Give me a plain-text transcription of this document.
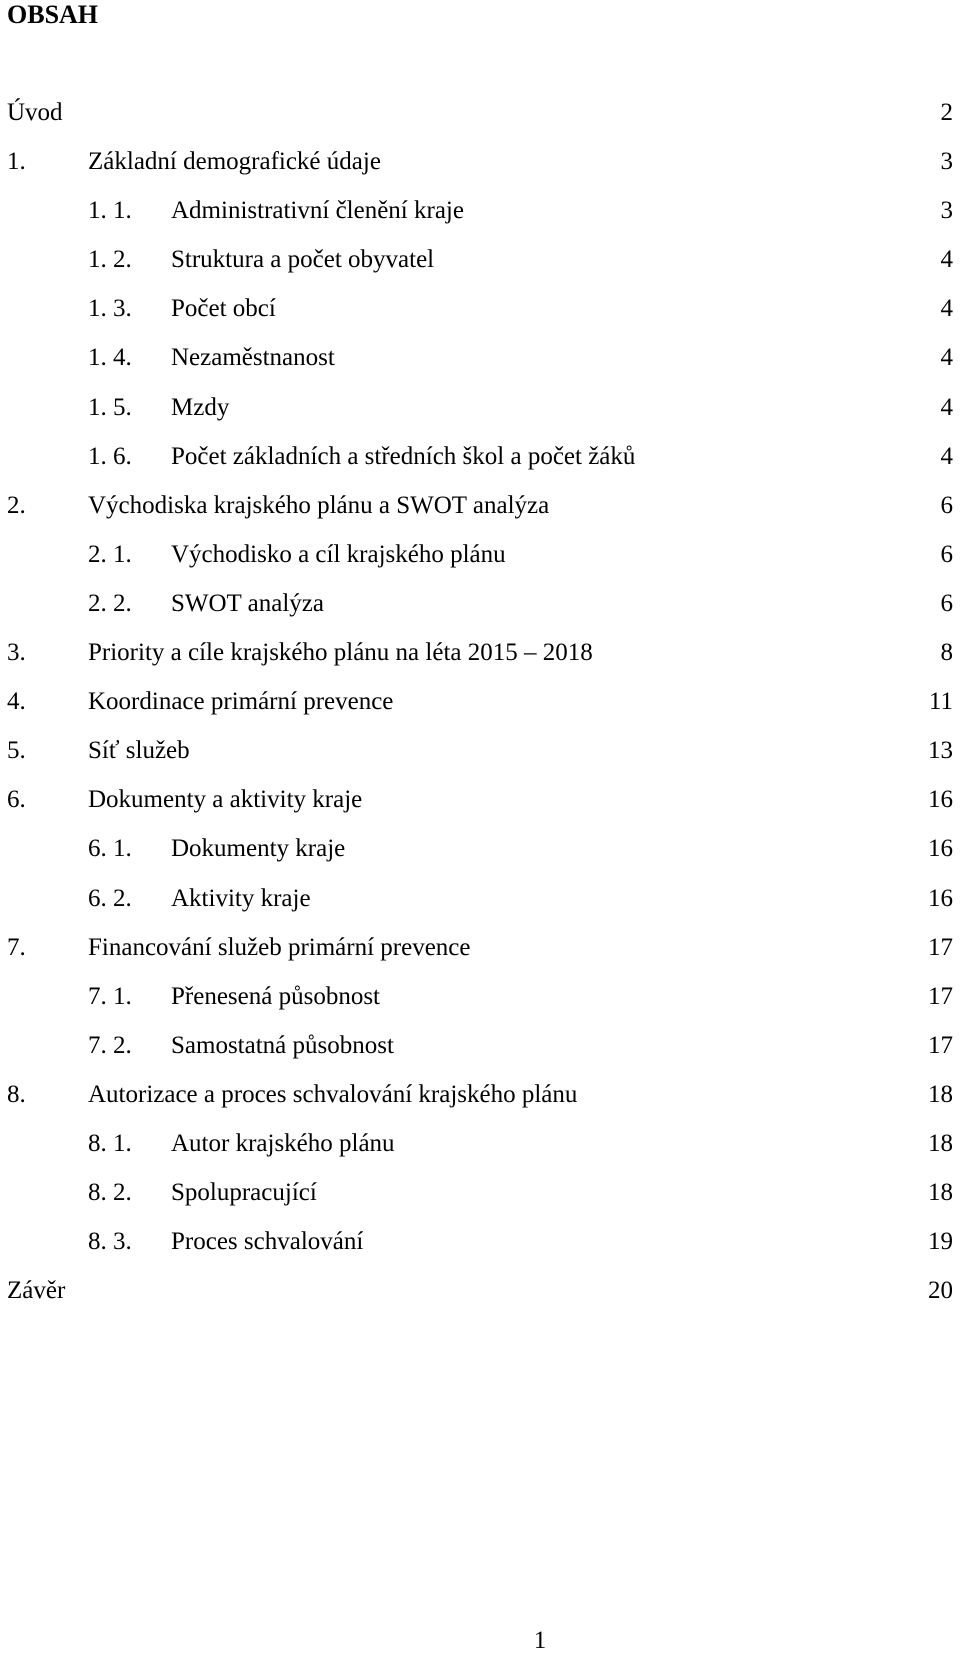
OBSAH
Úvod	2
1. Základní demografické údaje	3
1. 1. Administrativní členění kraje	3
1. 2. Struktura a počet obyvatel	4
1. 3. Počet obcí	4
1. 4. Nezaměstnanost	4
1. 5. Mzdy	4
1. 6. Počet základních a středních škol a počet žáků	4
2. Východiska krajského plánu a SWOT analýza	6
2. 1. Východisko a cíl krajského plánu	6
2. 2. SWOT analýza	6
3. Priority a cíle krajského plánu na léta 2015 – 2018	8
4. Koordinace primární prevence	11
5. Síť služeb	13
6. Dokumenty a aktivity kraje	16
6. 1. Dokumenty kraje	16
6. 2. Aktivity kraje	16
7. Financování služeb primární prevence	17
7. 1. Přenesená působnost	17
7. 2. Samostatná působnost	17
8. Autorizace a proces schvalování krajského plánu	18
8. 1. Autor krajského plánu	18
8. 2. Spolupracující	18
8. 3. Proces schvalování	19
Závěr	20
1
